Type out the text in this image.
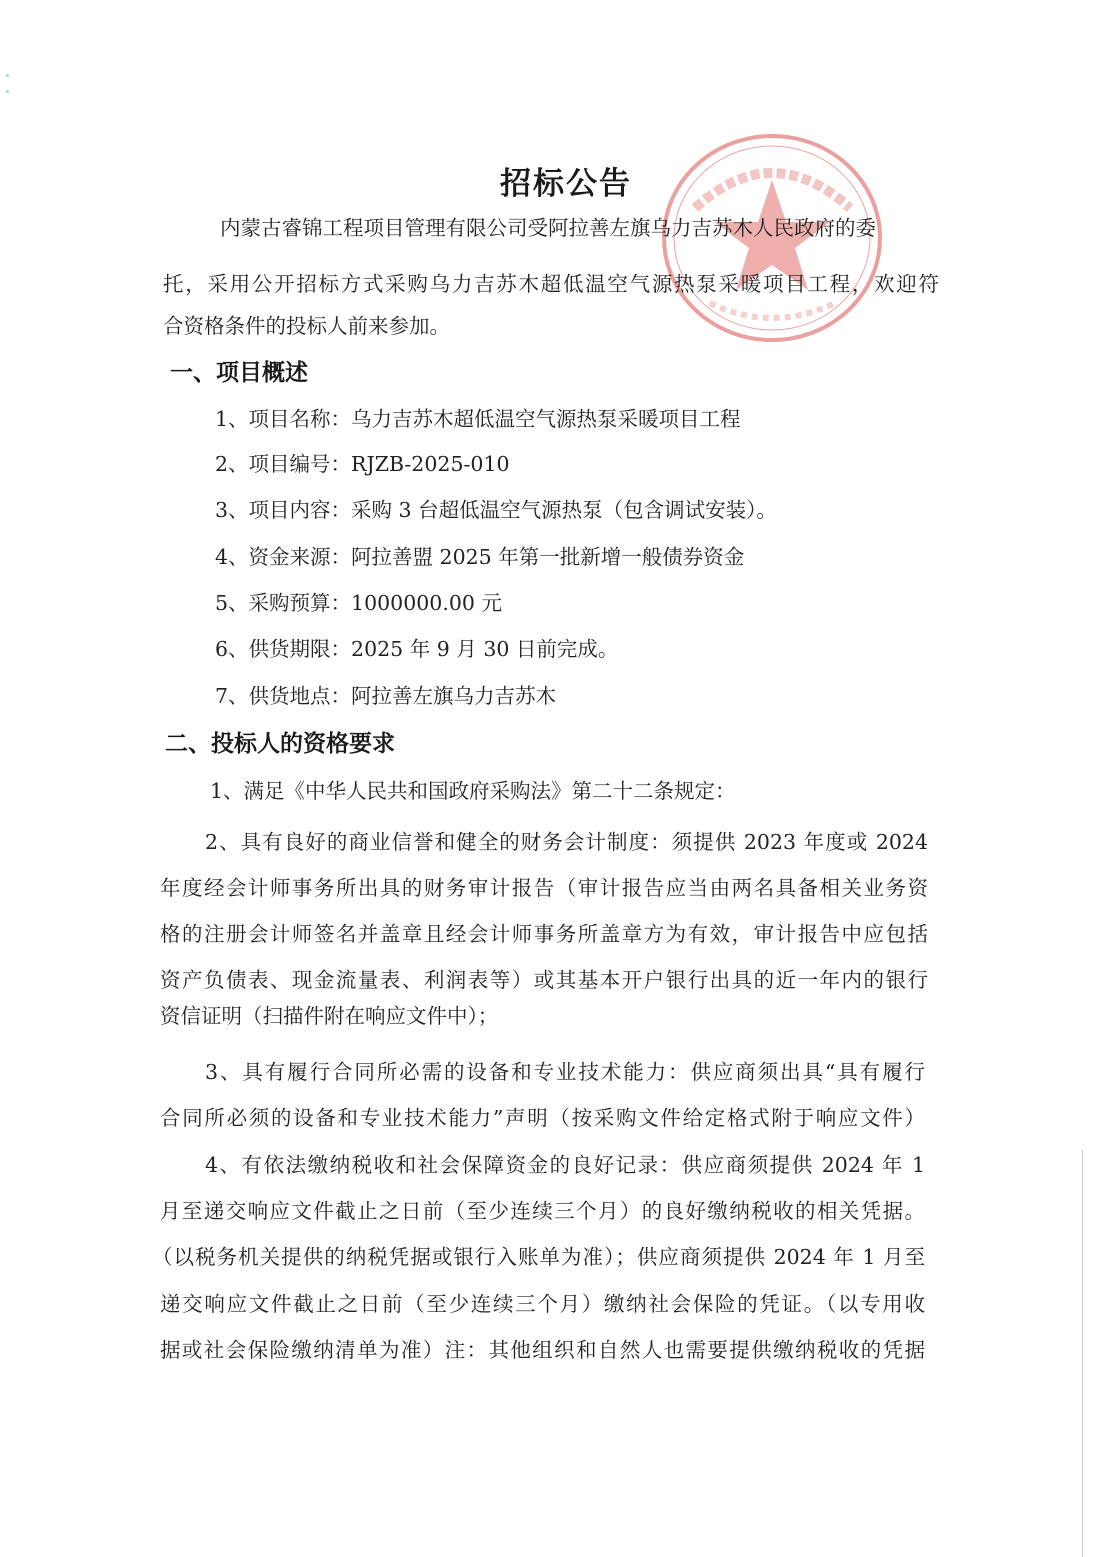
招标公告
内蒙古睿锦工程项目管理有限公司受阿拉善左旗乌力吉苏木人民政府的委
托，采用公开招标方式采购乌力吉苏木超低温空气源热泵采暖项目工程，欢迎符
合资格条件的投标人前来参加。
一、项目概述
1、项目名称：乌力吉苏木超低温空气源热泵采暖项目工程
2、项目编号：RJZB-2025-010
3、项目内容：采购 3 台超低温空气源热泵（包含调试安装）。
4、资金来源：阿拉善盟 2025 年第一批新增一般债券资金
5、采购预算：1000000.00 元
6、供货期限：2025 年 9 月 30 日前完成。
7、供货地点：阿拉善左旗乌力吉苏木
二、投标人的资格要求
1、满足《中华人民共和国政府采购法》第二十二条规定：
2、具有良好的商业信誉和健全的财务会计制度：须提供 2023 年度或 2024
年度经会计师事务所出具的财务审计报告（审计报告应当由两名具备相关业务资
格的注册会计师签名并盖章且经会计师事务所盖章方为有效，审计报告中应包括
资产负债表、现金流量表、利润表等）或其基本开户银行出具的近一年内的银行
资信证明（扫描件附在响应文件中）；
3、具有履行合同所必需的设备和专业技术能力：供应商须出具“具有履行
合同所必须的设备和专业技术能力”声明（按采购文件给定格式附于响应文件）
4、有依法缴纳税收和社会保障资金的良好记录：供应商须提供 2024 年 1
月至递交响应文件截止之日前（至少连续三个月）的良好缴纳税收的相关凭据。
（以税务机关提供的纳税凭据或银行入账单为准）；供应商须提供 2024 年 1 月至
递交响应文件截止之日前（至少连续三个月）缴纳社会保险的凭证。（以专用收
据或社会保险缴纳清单为准）注：其他组织和自然人也需要提供缴纳税收的凭据
